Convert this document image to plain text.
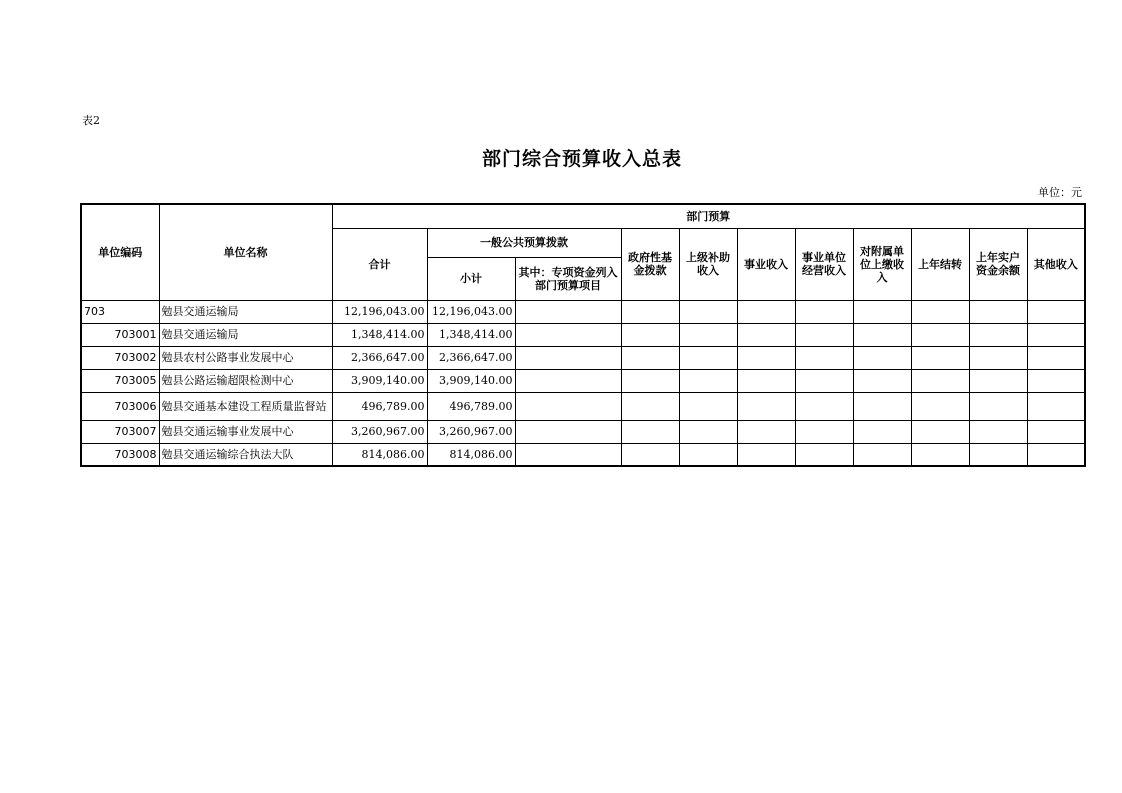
表2
部门综合预算收入总表
单位：元
单位编码	单位名称	部门预算										
		合计	一般公共预算拨款		政府性基金拨款	上级补助收入	事业收入	事业单位经营收入	对附属单位上缴收入	上年结转	上年实户资金余额	其他收入
			小计	其中：专项资金列入部门预算项目								
703	勉县交通运输局	12,196,043.00	12,196,043.00									
703001	勉县交通运输局	1,348,414.00	1,348,414.00									
703002	勉县农村公路事业发展中心	2,366,647.00	2,366,647.00									
703005	勉县公路运输超限检测中心	3,909,140.00	3,909,140.00									
703006	勉县交通基本建设工程质量监督站	496,789.00	496,789.00									
703007	勉县交通运输事业发展中心	3,260,967.00	3,260,967.00									
703008	勉县交通运输综合执法大队	814,086.00	814,086.00									
